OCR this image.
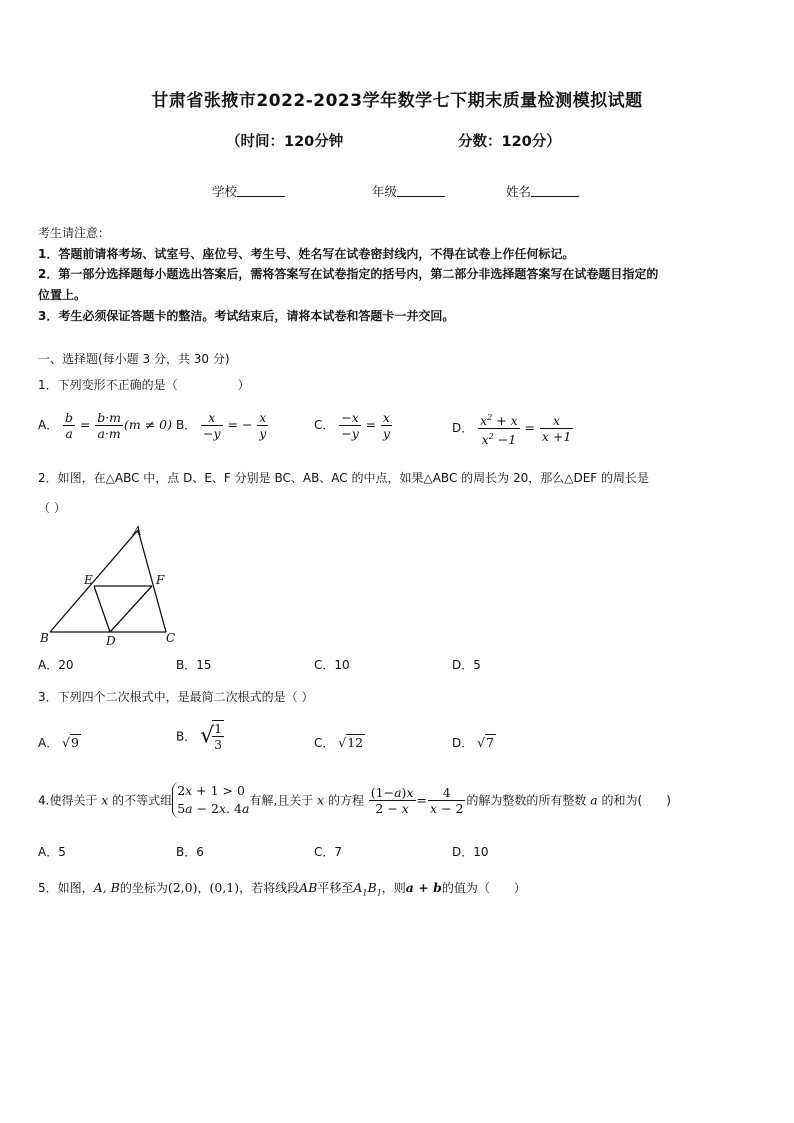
甘肃省张掖市2022-2023学年数学七下期末质量检测模拟试题
（时间：120分钟	分数：120分）
学校	年级	姓名
考生请注意：
1．答题前请将考场、试室号、座位号、考生号、姓名写在试卷密封线内，不得在试卷上作任何标记。
2．第一部分选择题每小题选出答案后，需将答案写在试卷指定的括号内，第二部分非选择题答案写在试卷题目指定的
位置上。
3．考生必须保证答题卡的整洁。考试结束后，请将本试卷和答题卡一并交回。
一、选择题(每小题 3 分，共 30 分)
1．下列变形不正确的是（　　　　　）
A． $\frac{b}{a} = \frac{b\cdot m}{a\cdot m} (m \ne 0)$ B． $\frac{x}{-y}$ = − $\frac{x}{y}$	C． $\frac{-x}{-y} = \frac{x}{y}$	D． $\frac{x^2 + x}{x^2 -1} = \frac{x}{x +1}$
2．如图，在△ABC 中，点 D、E、F 分别是 BC、AB、AC 的中点，如果△ABC 的周长为 20，那么△DEF 的周长是
（ ）
A
B	C
D
E	F
A．20	B．15	C．10	D．5
3．下列四个二次根式中，是最简二次根式的是（ ）
A． √9	B． √
$\frac{1}{3}$	C． √12	D． √7
4.使得关于 x 的不等式组
2x + 1 > 0
5a − 2x. 4a
有解,且关于 x 的方程 $\frac{(1-a)x}{2 - x} = \frac{4}{x - 2}$ 的解为整数的所有整数 a 的和为(　　)
A．5	B．6	C．7	D．10
5．如图，A, B的坐标为(2,0)，(0,1)，若将线段AB平移至$A_1B_1$，则a + b的值为（　　）
